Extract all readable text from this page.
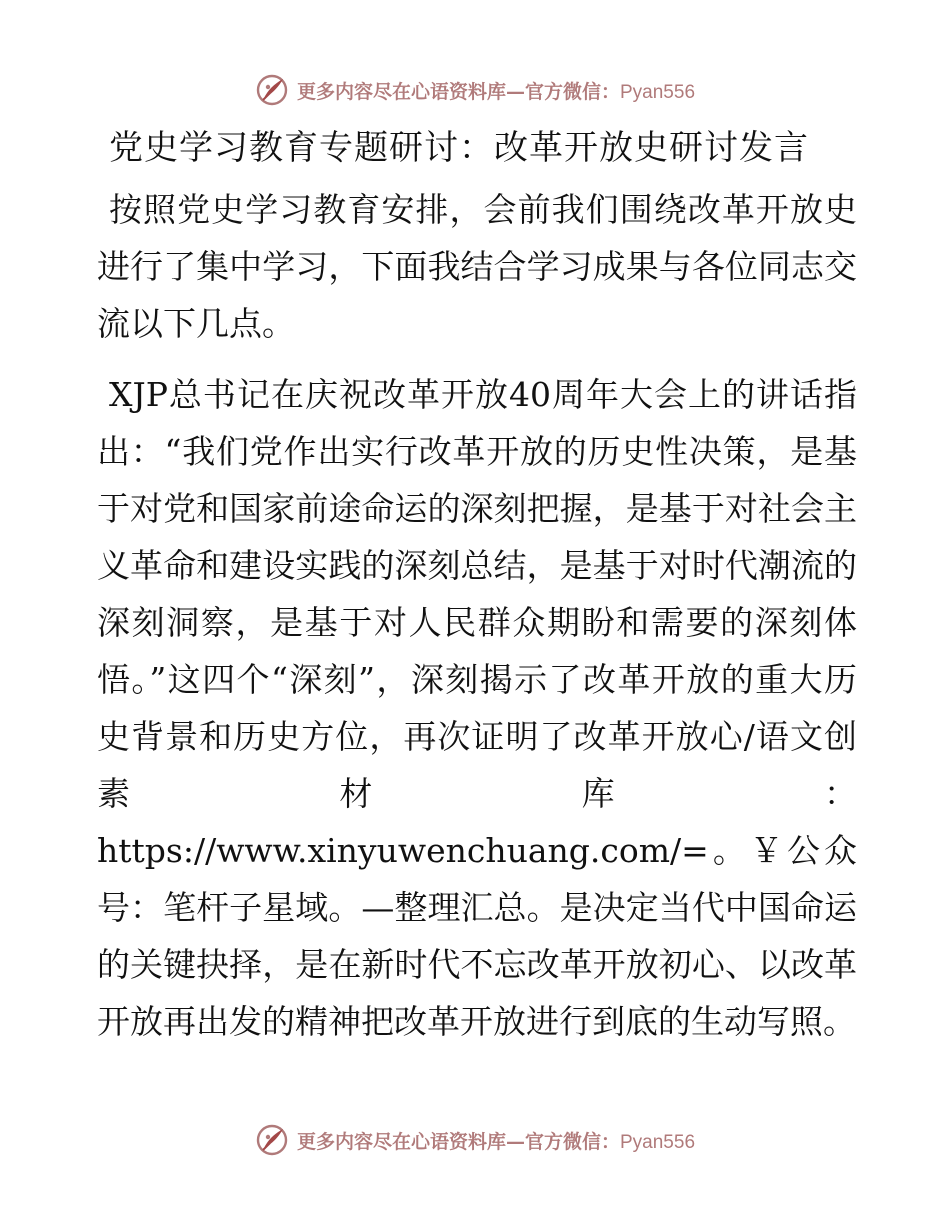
更多内容尽在心语资料库—官方微信：Pyan556
党史学习教育专题研讨：改革开放史研讨发言

按照党史学习教育安排，会前我们围绕改革开放史进行了集中学习，下面我结合学习成果与各位同志交流以下几点。

XJP总书记在庆祝改革开放40周年大会上的讲话指出：“我们党作出实行改革开放的历史性决策，是基于对党和国家前途命运的深刻把握，是基于对社会主义革命和建设实践的深刻总结，是基于对时代潮流的深刻洞察，是基于对人民群众期盼和需要的深刻体悟。”这四个“深刻”，深刻揭示了改革开放的重大历史背景和历史方位，再次证明了改革开放心/语文创素材库：https://www.xinyuwenchuang.com/=。￥公众号：笔杆子星域。—整理汇总。是决定当代中国命运的关键抉择，是在新时代不忘改革开放初心、以改革开放再出发的精神把改革开放进行到底的生动写照。

更多内容尽在心语资料库—官方微信：Pyan556
